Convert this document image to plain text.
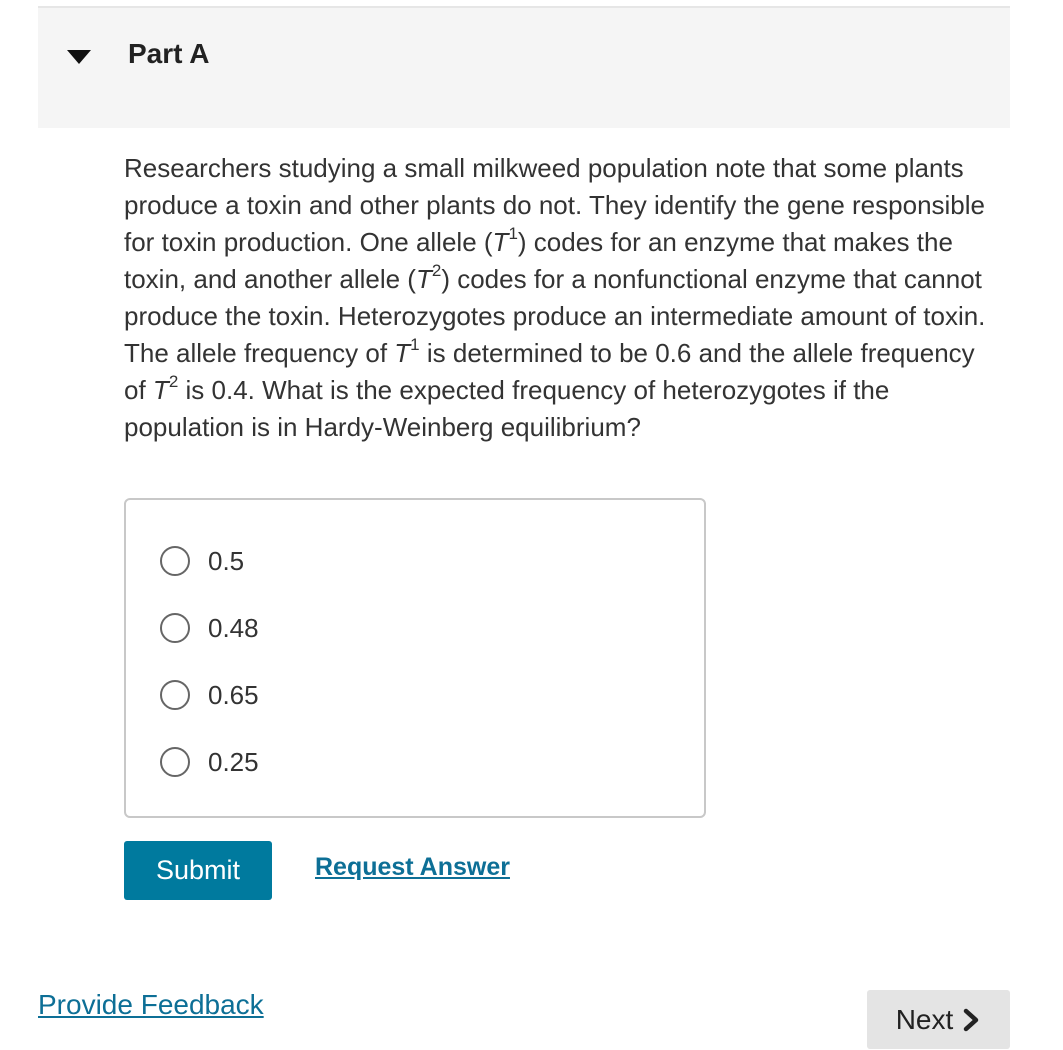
Part A
Researchers studying a small milkweed population note that some plants produce a toxin and other plants do not. They identify the gene responsible for toxin production. One allele $(T^1)$ codes for an enzyme that makes the toxin, and another allele $(T^2)$ codes for a nonfunctional enzyme that cannot produce the toxin. Heterozygotes produce an intermediate amount of toxin. The allele frequency of $T^1$ is determined to be 0.6 and the allele frequency of $T^2$ is 0.4. What is the expected frequency of heterozygotes if the population is in Hardy-Weinberg equilibrium?
0.5
0.48
0.65
0.25
Submit	Request Answer
Provide Feedback	Next
